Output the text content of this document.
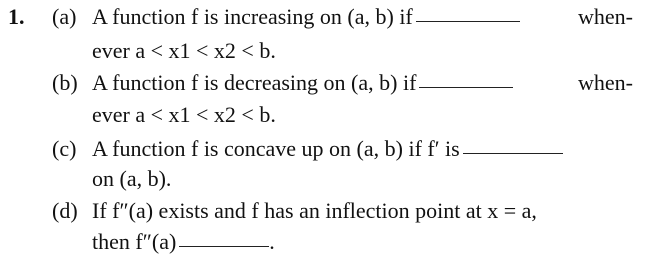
1. (a) A function f is increasing on (a, b) if	when-
ever a < x1 < x2 < b.
(b) A function f is decreasing on (a, b) if	when-
ever a < x1 < x2 < b.
(c) A function f is concave up on (a, b) if f′ is
on (a, b).
(d) If f″(a) exists and f has an inflection point at x = a,
then f″(a)	.
